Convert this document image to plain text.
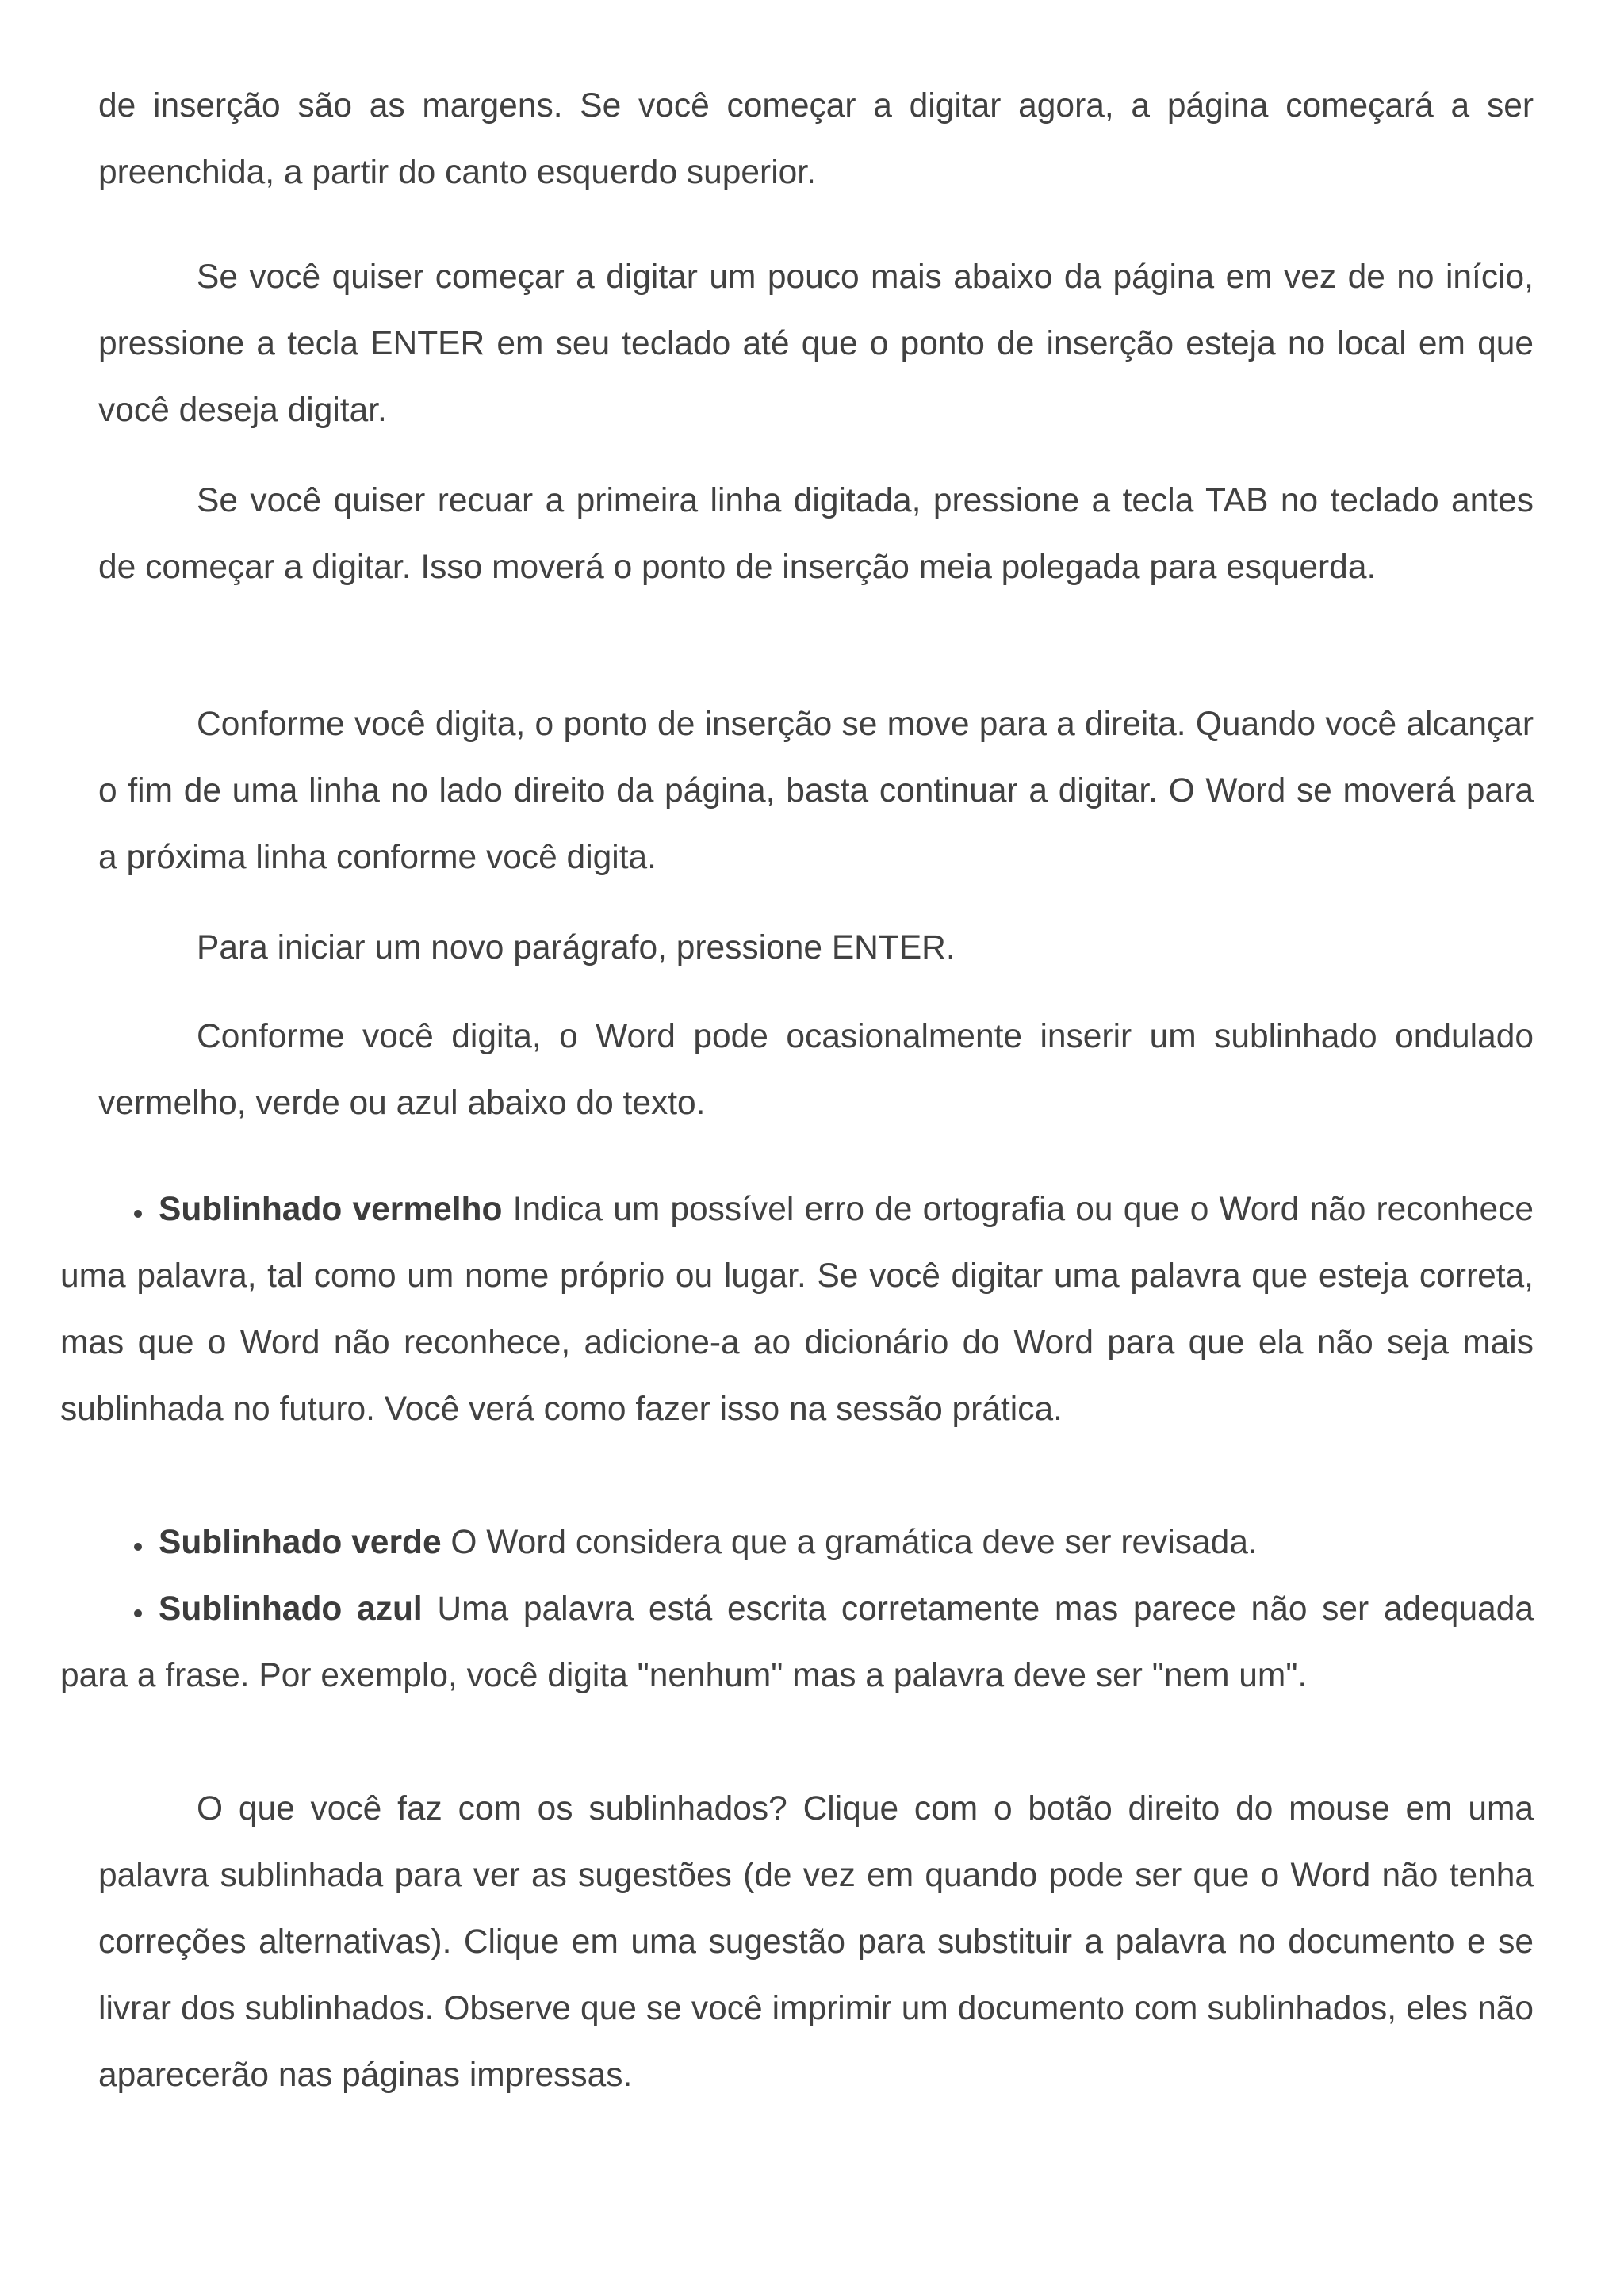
de inserção são as margens. Se você começar a digitar agora, a página começará a ser preenchida, a partir do canto esquerdo superior.

Se você quiser começar a digitar um pouco mais abaixo da página em vez de no início, pressione a tecla ENTER em seu teclado até que o ponto de inserção esteja no local em que você deseja digitar.

Se você quiser recuar a primeira linha digitada, pressione a tecla TAB no teclado antes de começar a digitar. Isso moverá o ponto de inserção meia polegada para esquerda.

Conforme você digita, o ponto de inserção se move para a direita. Quando você alcançar o fim de uma linha no lado direito da página, basta continuar a digitar. O Word se moverá para a próxima linha conforme você digita.

Para iniciar um novo parágrafo, pressione ENTER.

Conforme você digita, o Word pode ocasionalmente inserir um sublinhado ondulado vermelho, verde ou azul abaixo do texto.

Sublinhado vermelho Indica um possível erro de ortografia ou que o Word não reconhece uma palavra, tal como um nome próprio ou lugar. Se você digitar uma palavra que esteja correta, mas que o Word não reconhece, adicione-a ao dicionário do Word para que ela não seja mais sublinhada no futuro. Você verá como fazer isso na sessão prática.

Sublinhado verde O Word considera que a gramática deve ser revisada.

Sublinhado azul Uma palavra está escrita corretamente mas parece não ser adequada para a frase. Por exemplo, você digita "nenhum" mas a palavra deve ser "nem um".

O que você faz com os sublinhados? Clique com o botão direito do mouse em uma palavra sublinhada para ver as sugestões (de vez em quando pode ser que o Word não tenha correções alternativas). Clique em uma sugestão para substituir a palavra no documento e se livrar dos sublinhados. Observe que se você imprimir um documento com sublinhados, eles não aparecerão nas páginas impressas.
